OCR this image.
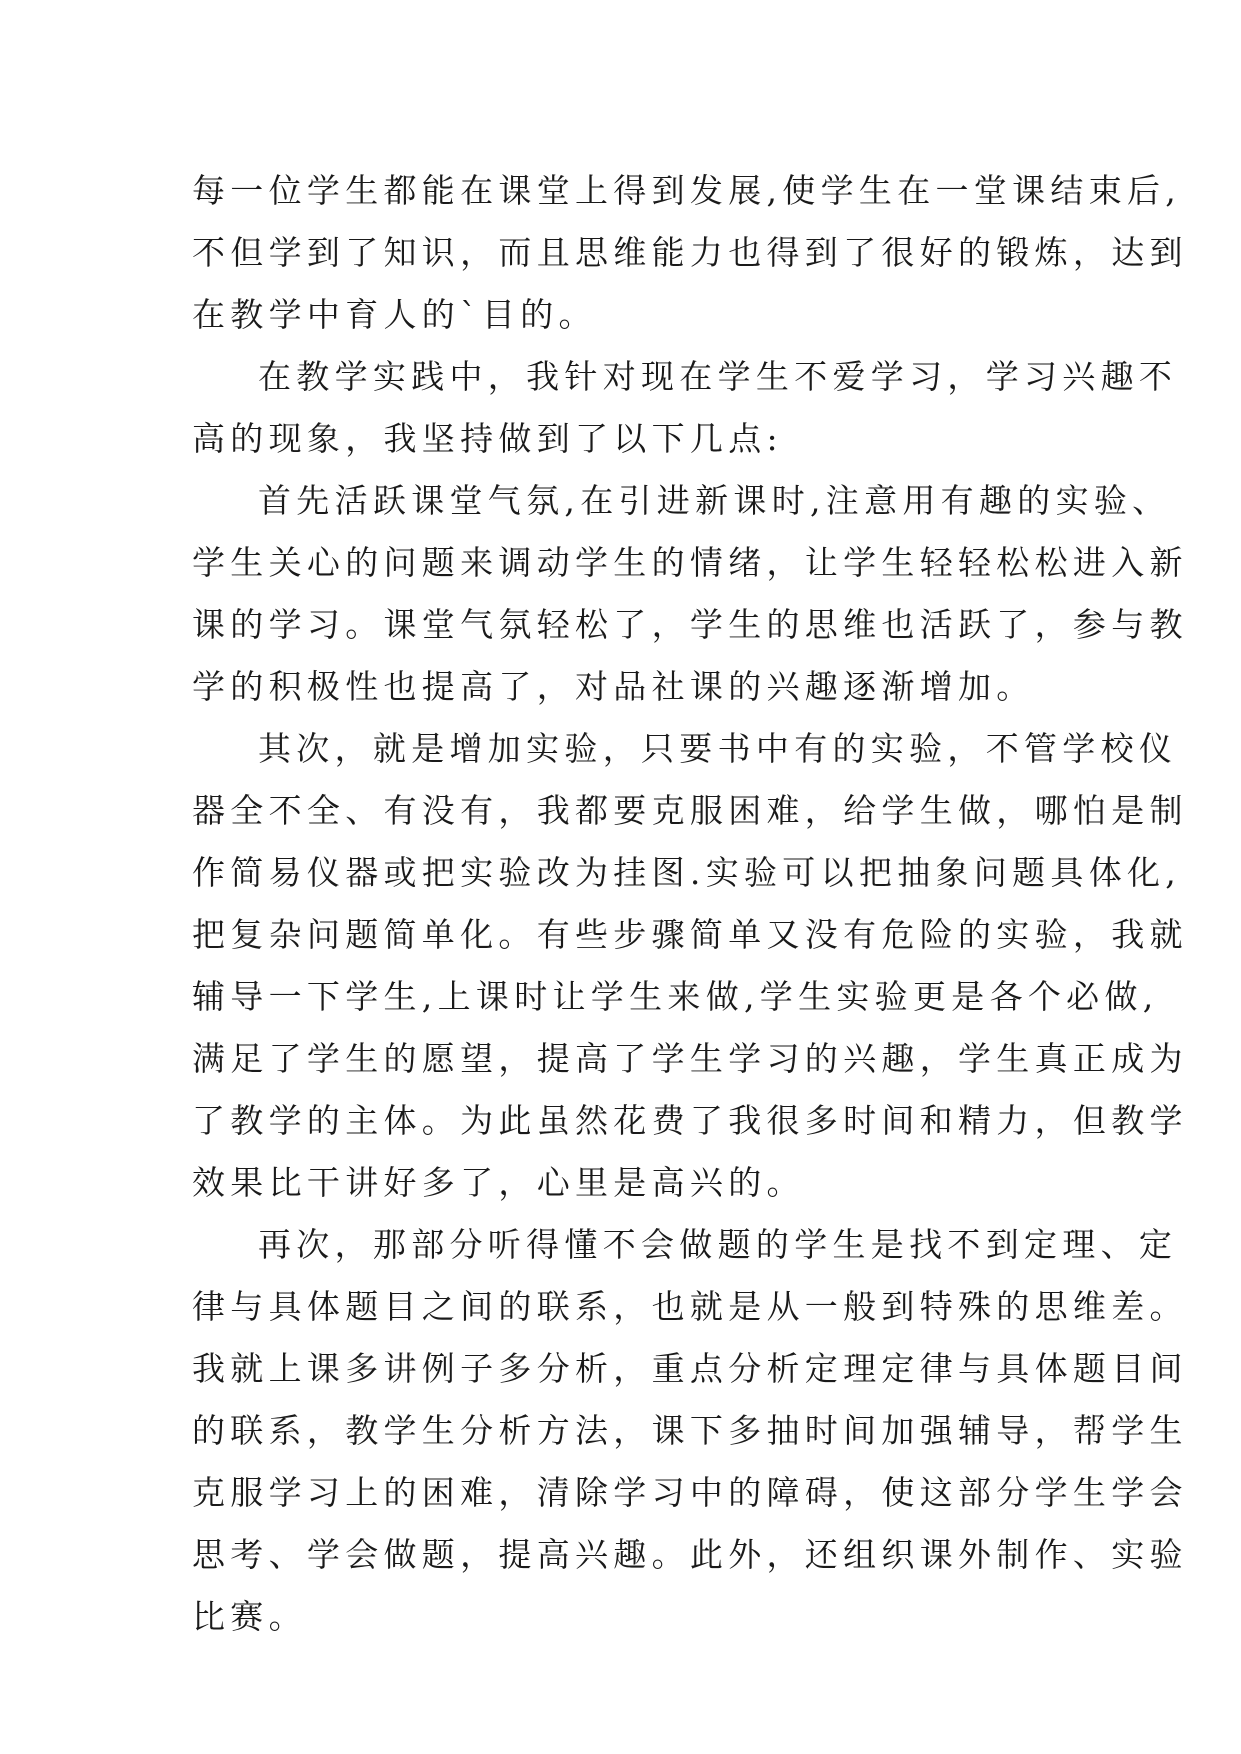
每一位学生都能在课堂上得到发展,使学生在一堂课结束后,
不但学到了知识，而且思维能力也得到了很好的锻炼，达到
在教学中育人的`目的。
在教学实践中，我针对现在学生不爱学习，学习兴趣不
高的现象，我坚持做到了以下几点:
首先活跃课堂气氛,在引进新课时,注意用有趣的实验、
学生关心的问题来调动学生的情绪，让学生轻轻松松进入新
课的学习。课堂气氛轻松了，学生的思维也活跃了，参与教
学的积极性也提高了，对品社课的兴趣逐渐增加。
其次，就是增加实验，只要书中有的实验，不管学校仪
器全不全、有没有，我都要克服困难，给学生做，哪怕是制
作简易仪器或把实验改为挂图.实验可以把抽象问题具体化,
把复杂问题简单化。有些步骤简单又没有危险的实验，我就
辅导一下学生,上课时让学生来做,学生实验更是各个必做,
满足了学生的愿望，提高了学生学习的兴趣，学生真正成为
了教学的主体。为此虽然花费了我很多时间和精力，但教学
效果比干讲好多了，心里是高兴的。
再次，那部分听得懂不会做题的学生是找不到定理、定
律与具体题目之间的联系，也就是从一般到特殊的思维差。
我就上课多讲例子多分析，重点分析定理定律与具体题目间
的联系，教学生分析方法，课下多抽时间加强辅导，帮学生
克服学习上的困难，清除学习中的障碍，使这部分学生学会
思考、学会做题，提高兴趣。此外，还组织课外制作、实验
比赛。
